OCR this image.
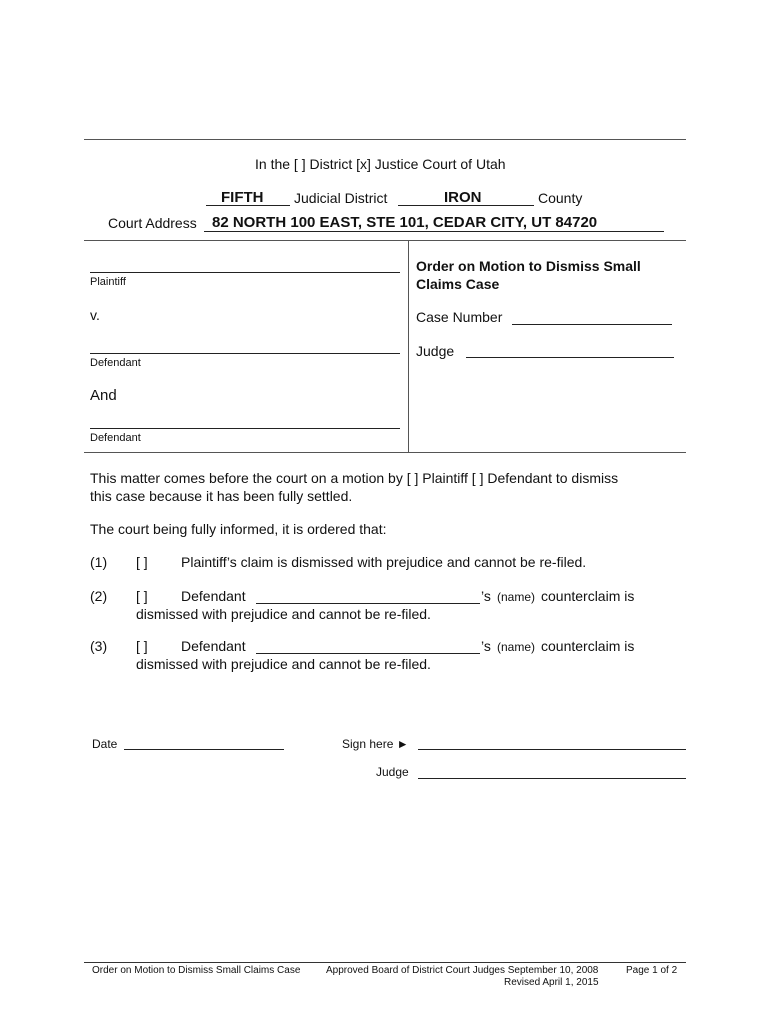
In the [ ] District [x] Justice Court of Utah
FIFTH Judicial District	IRON	County
Court Address 82 NORTH 100 EAST, STE 101, CEDAR CITY, UT 84720
Plaintiff
v.
Defendant
And
Defendant
Order on Motion to Dismiss Small
Claims Case
Case Number
Judge
This matter comes before the court on a motion by [ ] Plaintiff [ ] Defendant to dismiss
this case because it has been fully settled.
The court being fully informed, it is ordered that:
(1) [ ] Plaintiff’s claim is dismissed with prejudice and cannot be re-filed.
(2) [ ] Defendant	’s (name) counterclaim is
dismissed with prejudice and cannot be re-filed.
(3) [ ] Defendant	’s (name) counterclaim is
dismissed with prejudice and cannot be re-filed.
Date	Sign here ►
Judge
Order on Motion to Dismiss Small Claims Case	Approved Board of District Court Judges September 10, 2008
Revised April 1, 2015
Page 1 of 2
